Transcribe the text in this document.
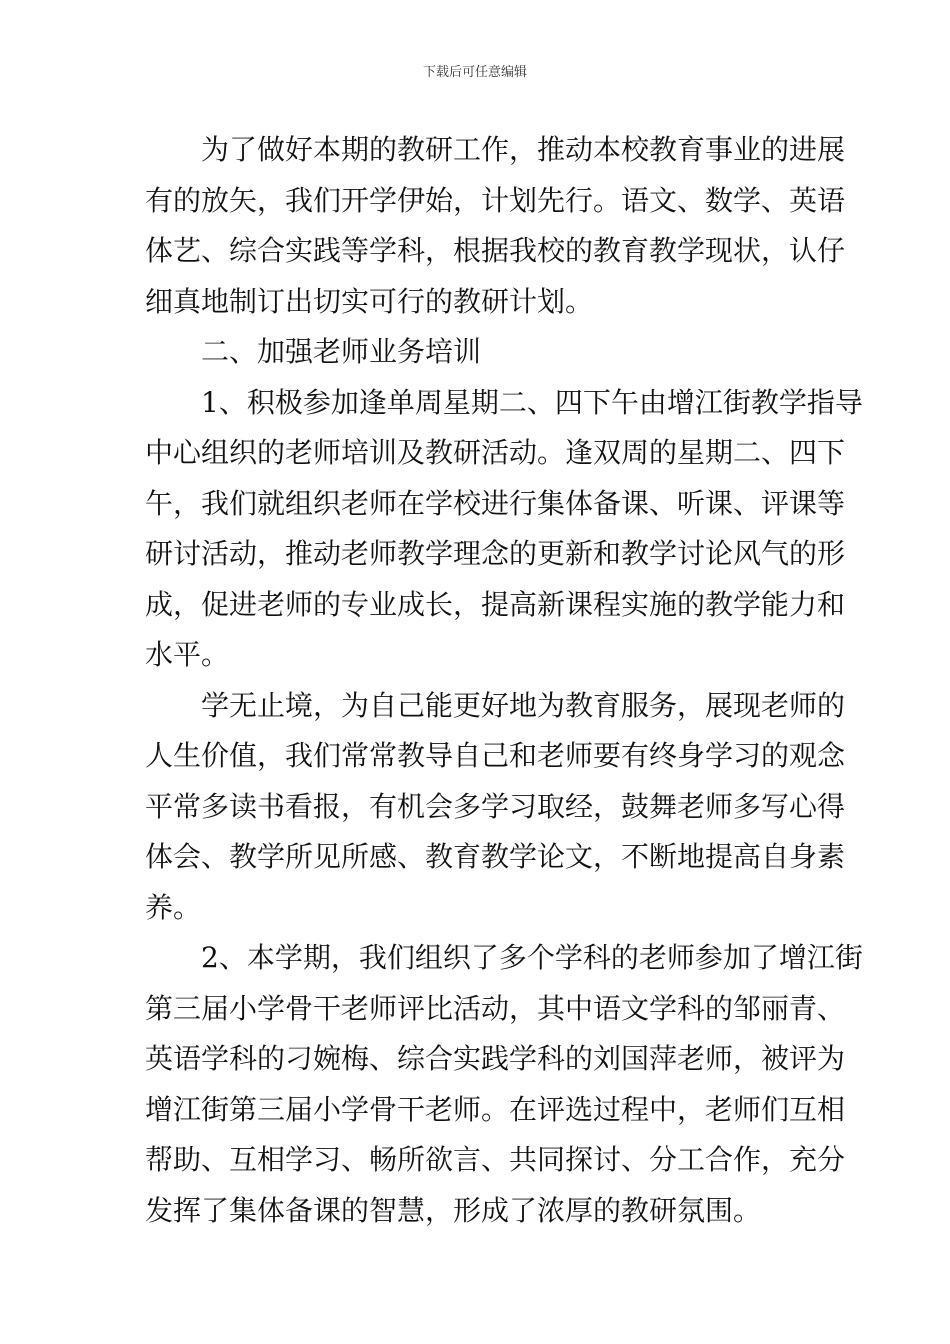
下载后可任意编辑
为了做好本期的教研工作，推动本校教育事业的进展
有的放矢，我们开学伊始，计划先行。语文、数学、英语
体艺、综合实践等学科，根据我校的教育教学现状，认仔
细真地制订出切实可行的教研计划。
二、加强老师业务培训
1、积极参加逢单周星期二、四下午由增江街教学指导
中心组织的老师培训及教研活动。逢双周的星期二、四下
午，我们就组织老师在学校进行集体备课、听课、评课等
研讨活动，推动老师教学理念的更新和教学讨论风气的形
成，促进老师的专业成长，提高新课程实施的教学能力和
水平。
学无止境，为自己能更好地为教育服务，展现老师的
人生价值，我们常常教导自己和老师要有终身学习的观念
平常多读书看报，有机会多学习取经，鼓舞老师多写心得
体会、教学所见所感、教育教学论文，不断地提高自身素
养。
2、本学期，我们组织了多个学科的老师参加了增江街
第三届小学骨干老师评比活动，其中语文学科的邹丽青、
英语学科的刁婉梅、综合实践学科的刘国萍老师，被评为
增江街第三届小学骨干老师。在评选过程中，老师们互相
帮助、互相学习、畅所欲言、共同探讨、分工合作，充分
发挥了集体备课的智慧，形成了浓厚的教研氛围。
